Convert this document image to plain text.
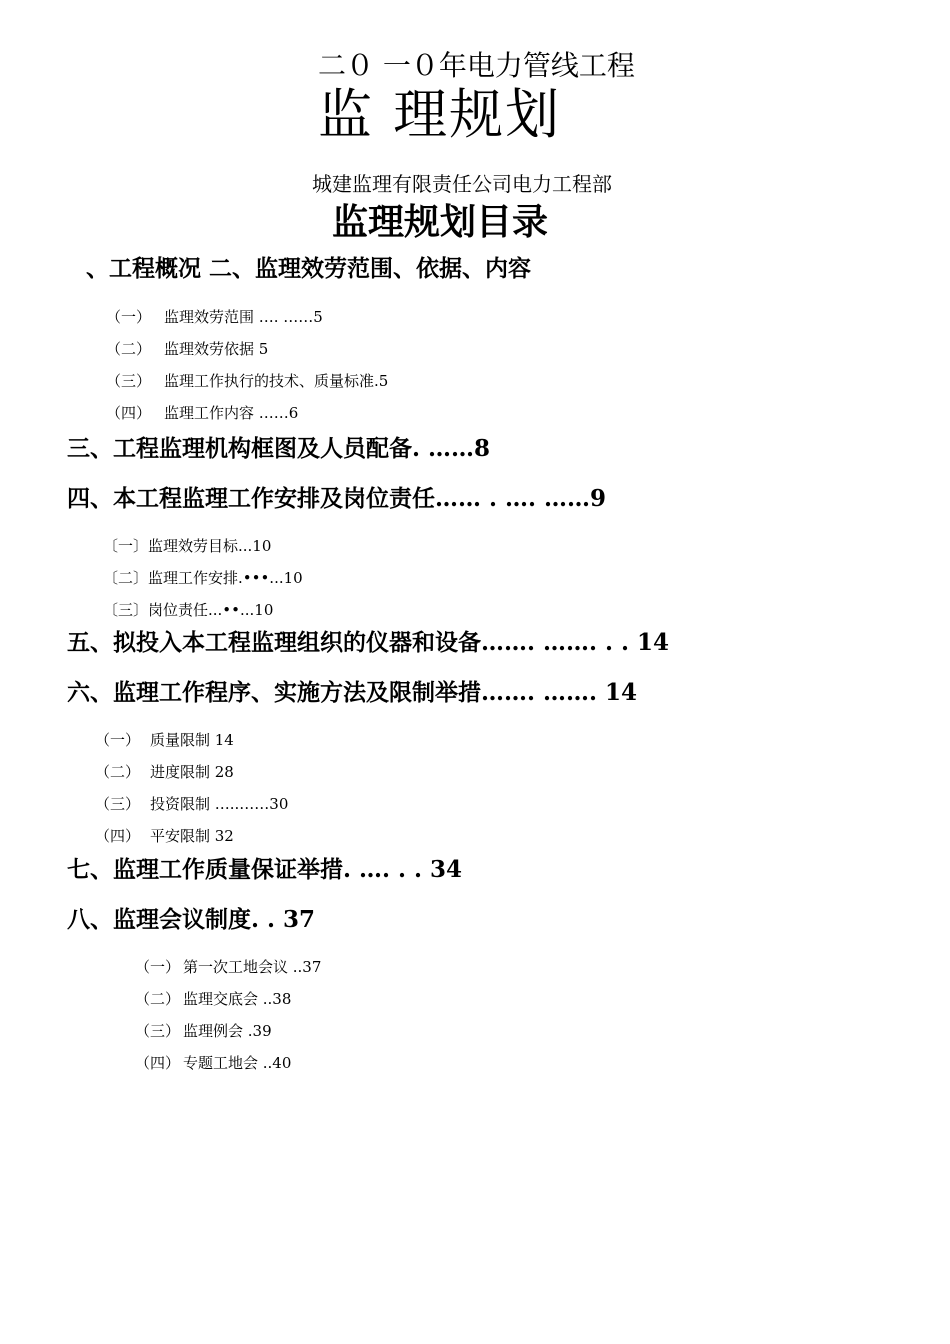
二０ 一０年电力管线工程
监 理规划
城建监理有限责任公司电力工程部
监理规划目录
、工程概况 二、监理效劳范围、依据、内容
（一） 监理效劳范围 …. ……5
（二） 监理效劳依据 5
（三） 监理工作执行的技术、质量标准.5
（四） 监理工作内容 ……6
三、工程监理机构框图及人员配备. ……8
四、本工程监理工作安排及岗位责任…… . …. ……9
〔一〕监理效劳目标...10
〔二〕监理工作安排.•••...10
〔三〕岗位责任...••...10
五、拟投入本工程监理组织的仪器和设备……. ……. . . 14
六、监理工作程序、实施方法及限制举措……. ……. 14
（一） 质量限制 14
（二） 进度限制 28
（三） 投资限制 …..……30
（四） 平安限制 32
七、监理工作质量保证举措. …. . . 34
八、监理会议制度. . 37
（一） 第一次工地会议 ..37
（二） 监理交底会 ..38
（三） 监理例会 .39
（四） 专题工地会 ..40
